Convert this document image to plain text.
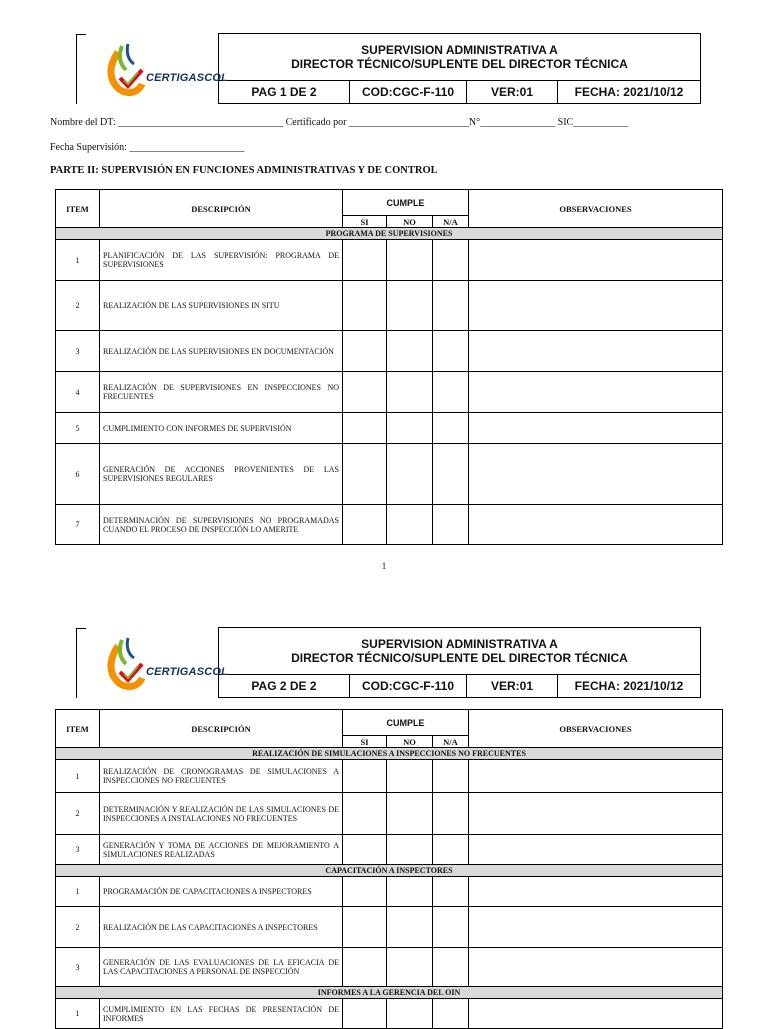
CERTIGASCOL	SUPERVISION ADMINISTRATIVA A
DIRECTOR TÉCNICO/SUPLENTE DEL DIRECTOR TÉCNICA			

	PAG 1 DE 2	COD:CGC-F-110	VER:01	FECHA: 2021/10/12
Nombre del DT: _________________________________ Certificado por ________________________N°_______________ SIC___________
Fecha Supervisión: _______________________
PARTE II: SUPERVISIÓN EN FUNCIONES ADMINISTRATIVAS Y DE CONTROL
ITEM	DESCRIPCIÓN	CUMPLE			OBSERVACIONES
		SI	NO	N/A	
PROGRAMA DE SUPERVISIONES					
1	PLANIFICACIÓN DE LAS SUPERVISIÓN: PROGRAMA DE SUPERVISIONES				
2	REALIZACIÓN DE LAS SUPERVISIONES IN SITU				
3	REALIZACIÓN DE LAS SUPERVISIONES EN DOCUMENTACIÓN				
4	REALIZACIÓN DE SUPERVISIONES EN INSPECCIONES NO FRECUENTES				
5	CUMPLIMIENTO CON INFORMES DE SUPERVISIÓN				
6	GENERACIÓN DE ACCIONES PROVENIENTES DE LAS SUPERVISIONES REGULARES				
7	DETERMINACIÓN DE SUPERVISIONES NO PROGRAMADAS CUANDO EL PROCESO DE INSPECCIÓN LO AMERITE				
1
CERTIGASCOL	SUPERVISION ADMINISTRATIVA A
DIRECTOR TÉCNICO/SUPLENTE DEL DIRECTOR TÉCNICA			

	PAG 2 DE 2	COD:CGC-F-110	VER:01	FECHA: 2021/10/12
ITEM	DESCRIPCIÓN	CUMPLE			OBSERVACIONES
		SI	NO	N/A	
REALIZACIÓN DE SIMULACIONES A INSPECCIONES NO FRECUENTES					
1	REALIZACIÓN DE CRONOGRAMAS DE SIMULACIONES A INSPECCIONES NO FRECUENTES				
2	DETERMINACIÓN Y REALIZACIÓN DE LAS SIMULACIONES DE INSPECCIONES A INSTALACIONES NO FRECUENTES				
3	GENERACIÓN Y TOMA DE ACCIONES DE MEJORAMIENTO A SIMULACIONES REALIZADAS				
CAPACITACIÓN A INSPECTORES					
1	PROGRAMACIÓN DE CAPACITACIONES A INSPECTORES				
2	REALIZACIÓN DE LAS CAPACITACIONES A INSPECTORES				
3	GENERACIÓN DE LAS EVALUACIONES DE LA EFICACIA DE LAS CAPACITACIONES A PERSONAL DE INSPECCIÓN				
INFORMES A LA GERENCIA DEL OIN					
1	CUMPLIMIENTO EN LAS FECHAS DE PRESENTACIÓN DE INFORMES				
